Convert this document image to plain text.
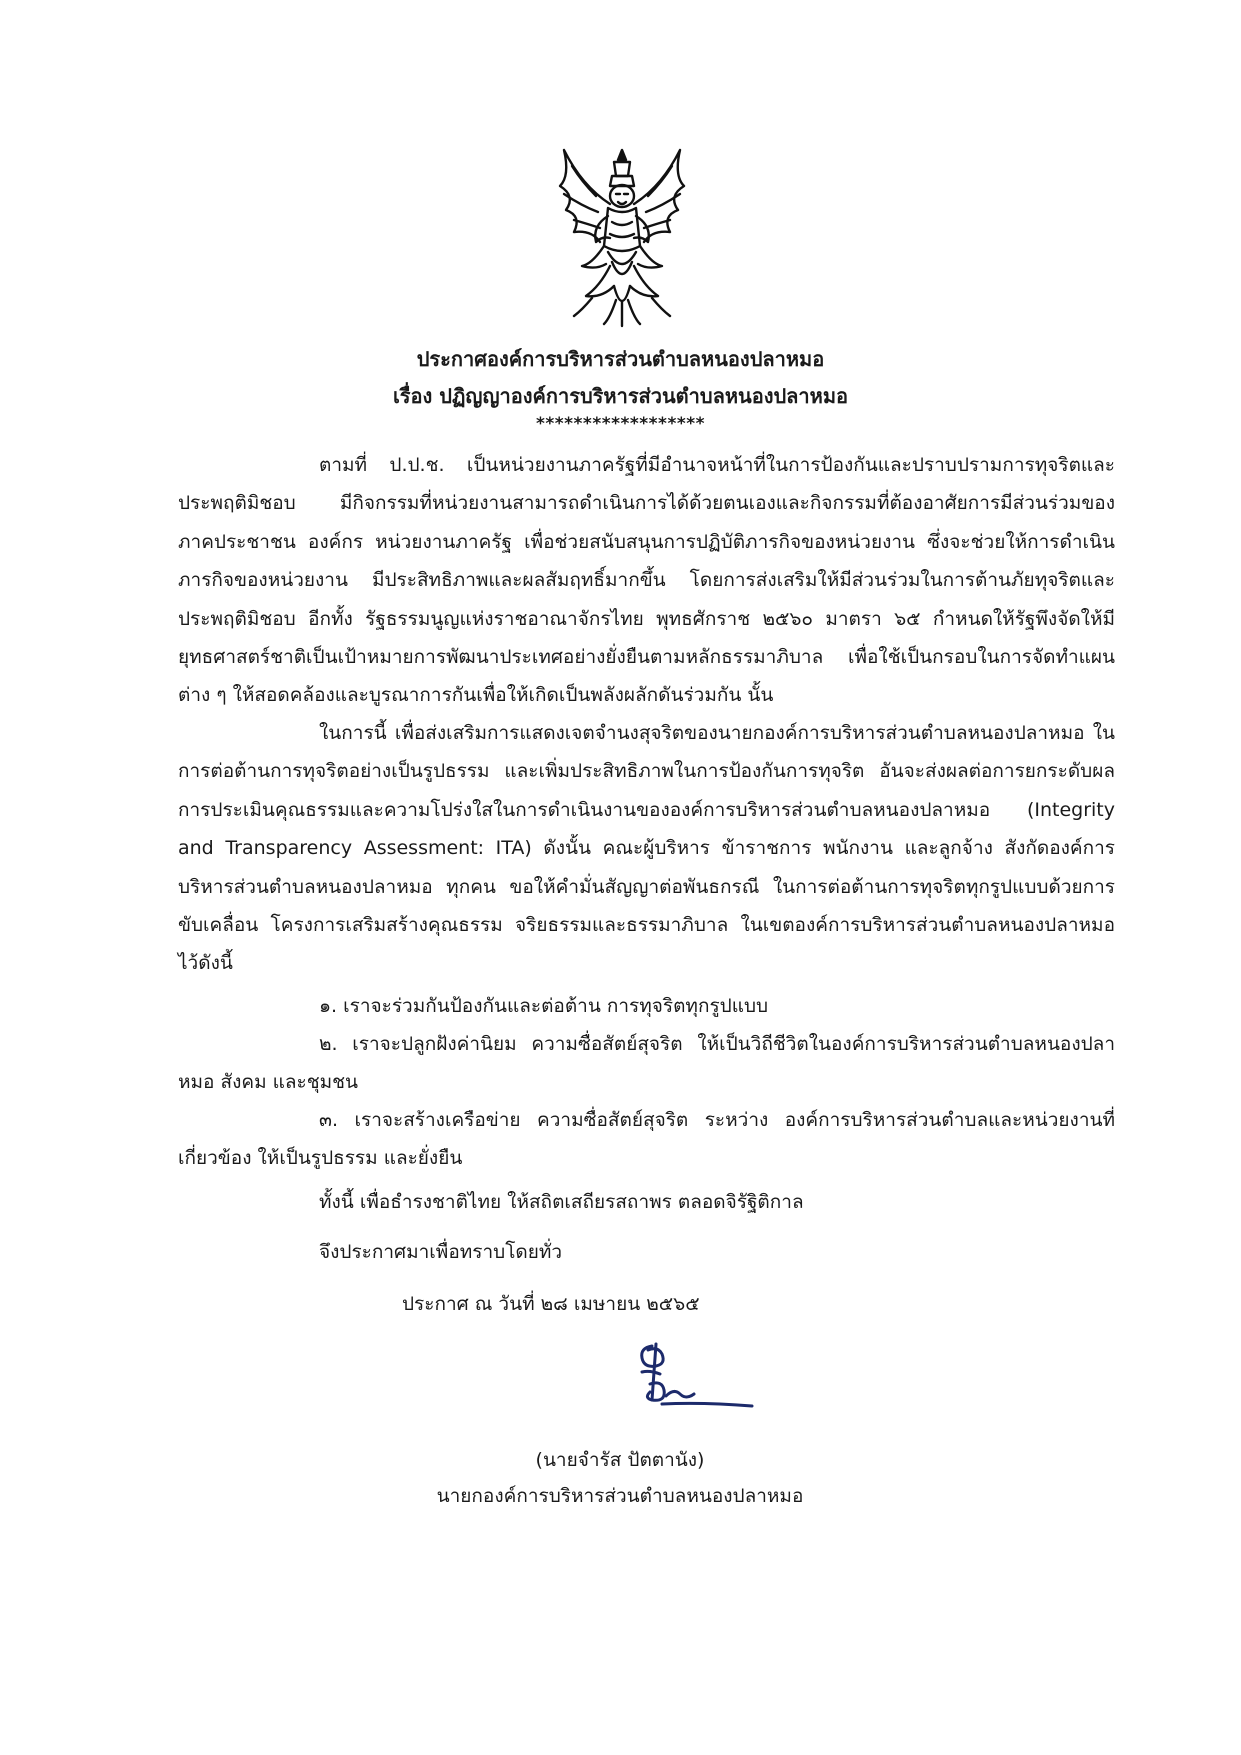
ประกาศองค์การบริหารส่วนตำบลหนองปลาหมอ
เรื่อง ปฏิญญาองค์การบริหารส่วนตำบลหนองปลาหมอ
******************

ตามที่ ป.ป.ช. เป็นหน่วยงานภาครัฐที่มีอำนาจหน้าที่ในการป้องกันและปราบปรามการทุจริตและประพฤติมิชอบ มีกิจกรรมที่หน่วยงานสามารถดำเนินการได้ด้วยตนเองและกิจกรรมที่ต้องอาศัยการมีส่วนร่วมของ ภาคประชาชน องค์กร หน่วยงานภาครัฐ เพื่อช่วยสนับสนุนการปฏิบัติภารกิจของหน่วยงาน ซึ่งจะช่วยให้การดำเนินภารกิจของหน่วยงาน มีประสิทธิภาพและผลสัมฤทธิ์มากขึ้น โดยการส่งเสริมให้มีส่วนร่วมในการต้านภัยทุจริตและประพฤติมิชอบ อีกทั้ง รัฐธรรมนูญแห่งราชอาณาจักรไทย พุทธศักราช ๒๕๖๐ มาตรา ๖๕ กำหนดให้รัฐพึงจัดให้มียุทธศาสตร์ชาติเป็นเป้าหมายการพัฒนาประเทศอย่างยั่งยืนตามหลักธรรมาภิบาล เพื่อใช้เป็นกรอบในการจัดทำแผนต่าง ๆ ให้สอดคล้องและบูรณาการกันเพื่อให้เกิดเป็นพลังผลักดันร่วมกัน นั้น

ในการนี้ เพื่อส่งเสริมการแสดงเจตจำนงสุจริตของนายกองค์การบริหารส่วนตำบลหนองปลาหมอ ในการต่อต้านการทุจริตอย่างเป็นรูปธรรม และเพิ่มประสิทธิภาพในการป้องกันการทุจริต อันจะส่งผลต่อการยกระดับผลการประเมินคุณธรรมและความโปร่งใสในการดำเนินงานขององค์การบริหารส่วนตำบลหนองปลาหมอ (Integrity and Transparency Assessment: ITA) ดังนั้น คณะผู้บริหาร ข้าราชการ พนักงาน และลูกจ้าง สังกัดองค์การบริหารส่วนตำบลหนองปลาหมอ ทุกคน ขอให้คำมั่นสัญญาต่อพันธกรณี ในการต่อต้านการทุจริตทุกรูปแบบด้วยการขับเคลื่อน โครงการเสริมสร้างคุณธรรม จริยธรรมและธรรมาภิบาล ในเขตองค์การบริหารส่วนตำบลหนองปลาหมอ ไว้ดังนี้

๑. เราจะร่วมกันป้องกันและต่อต้าน การทุจริตทุกรูปแบบ

๒. เราจะปลูกฝังค่านิยม ความซื่อสัตย์สุจริต ให้เป็นวิถีชีวิตในองค์การบริหารส่วนตำบลหนองปลาหมอ สังคม และชุมชน

๓. เราจะสร้างเครือข่าย ความซื่อสัตย์สุจริต ระหว่าง องค์การบริหารส่วนตำบลและหน่วยงานที่เกี่ยวข้อง ให้เป็นรูปธรรม และยั่งยืน

ทั้งนี้ เพื่อธำรงชาติไทย ให้สถิตเสถียรสถาพร ตลอดจิรัฐิติกาล
จึงประกาศมาเพื่อทราบโดยทั่ว
ประกาศ ณ วันที่ ๒๘ เมษายน ๒๕๖๕
(นายจำรัส ปัตตานัง)
นายกองค์การบริหารส่วนตำบลหนองปลาหมอ
